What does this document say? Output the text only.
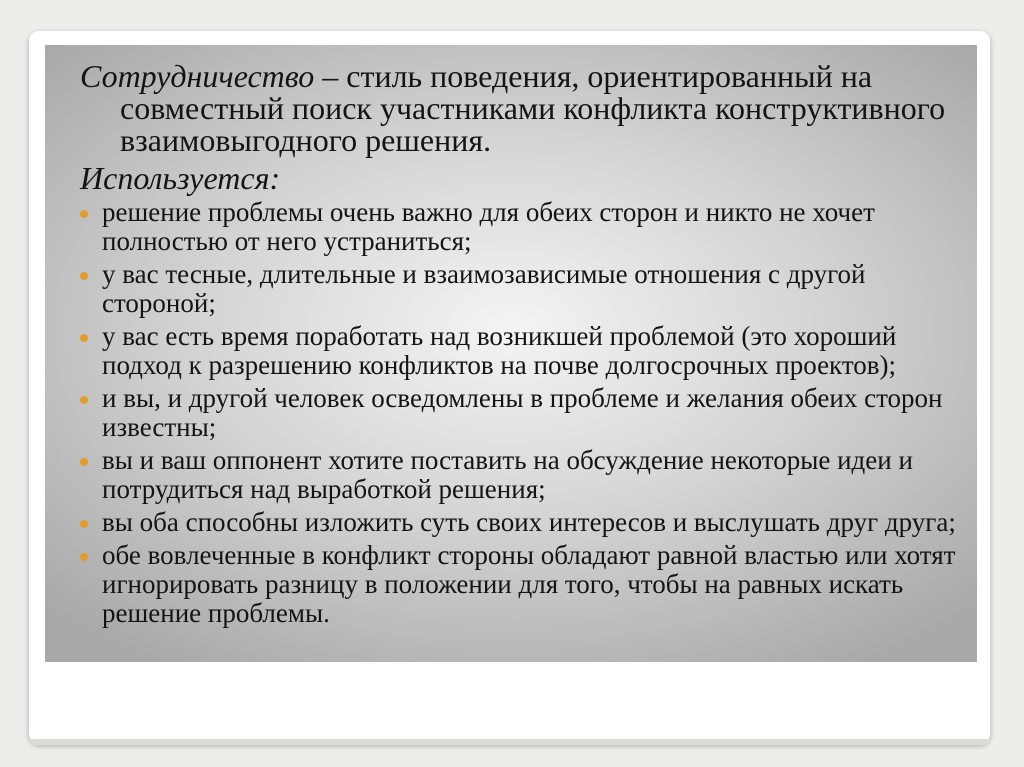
Сотрудничество – стиль поведения, ориентированный на совместный поиск участниками конфликта конструктивного взаимовыгодного решения.

Используется:
решение проблемы очень важно для обеих сторон и никто не хочет полностью от него устраниться;
у вас тесные, длительные и взаимозависимые отношения с другой стороной;
у вас есть время поработать над возникшей проблемой (это хороший подход к разрешению конфликтов на почве долгосрочных проектов);
и вы, и другой человек осведомлены в проблеме и желания обеих сторон известны;
вы и ваш оппонент хотите поставить на обсуждение некоторые идеи и потрудиться над выработкой решения;
вы оба способны изложить суть своих интересов и выслушать друг друга;
обе вовлеченные в конфликт стороны обладают равной властью или хотят игнорировать разницу в положении для того, чтобы на равных искать решение проблемы.
